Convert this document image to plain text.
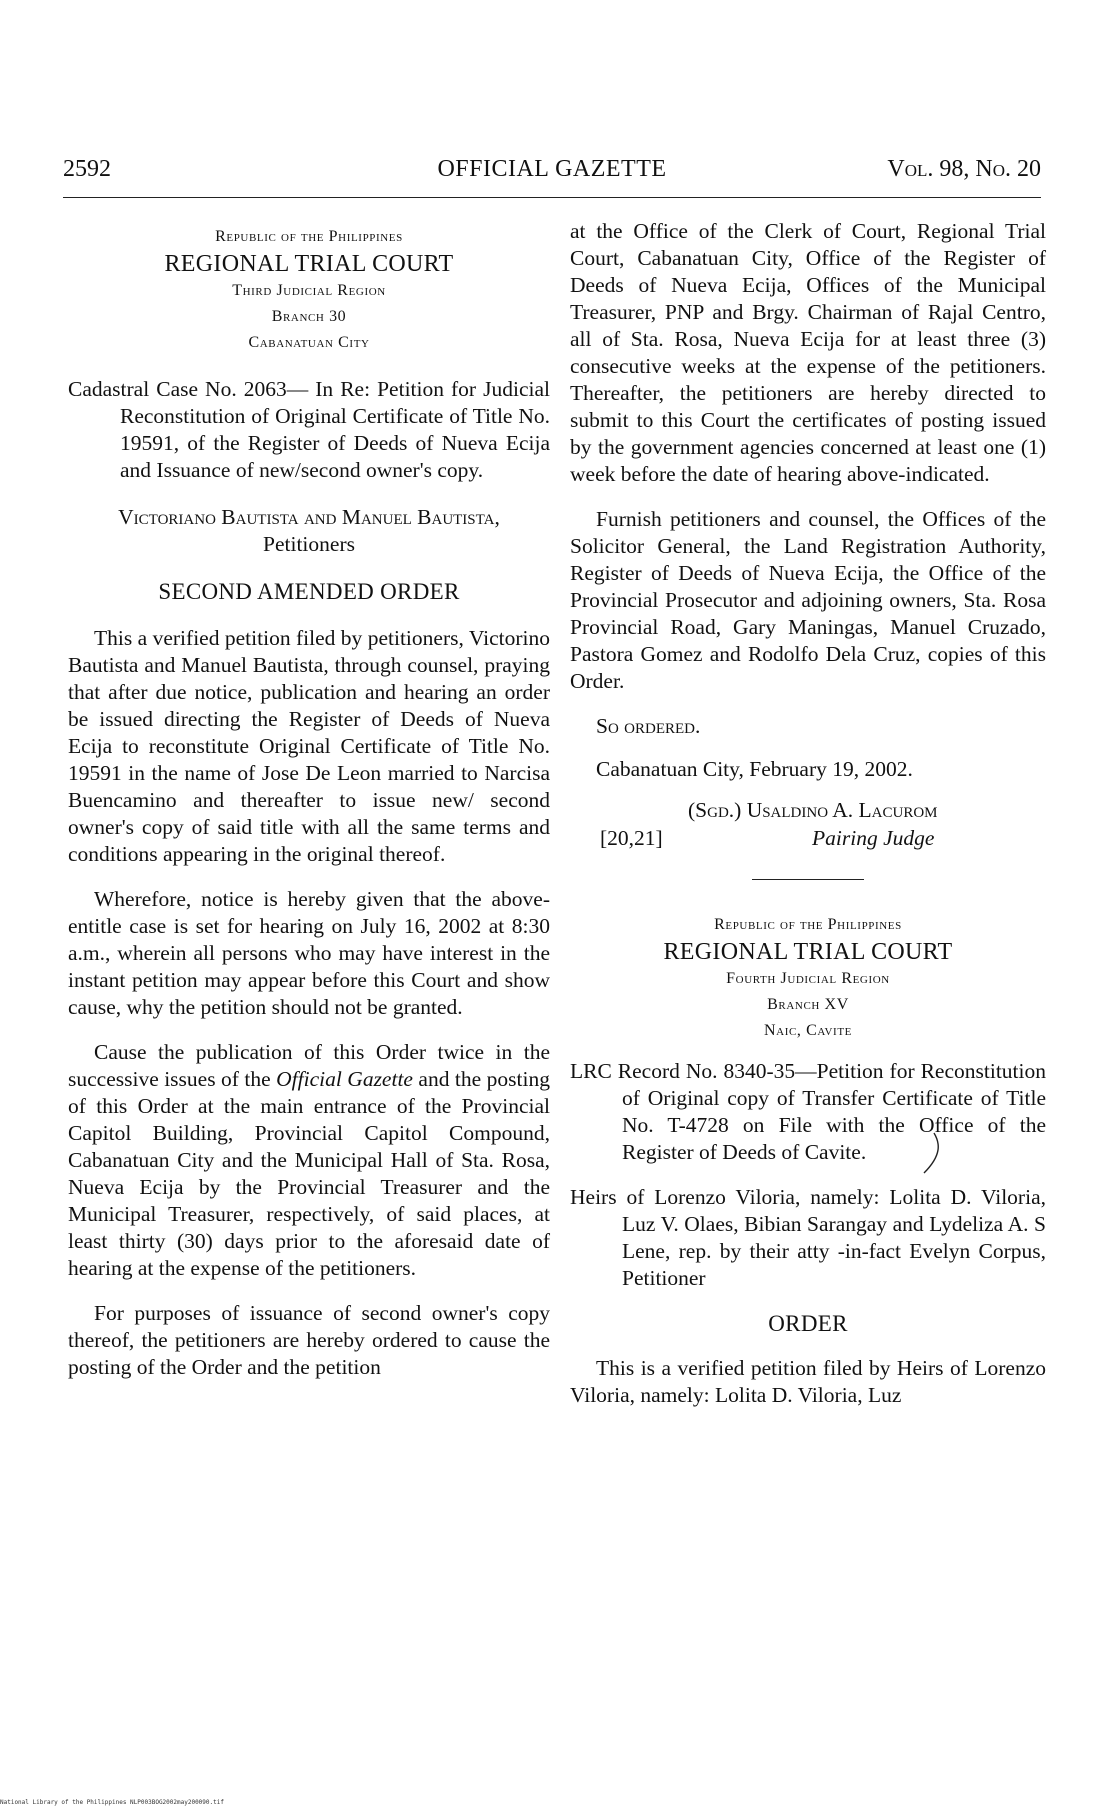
2592	OFFICIAL GAZETTE	Vol. 98, No. 20
Republic of the Philippines
REGIONAL TRIAL COURT
Third Judicial Region
Branch 30
Cabanatuan City

Cadastral Case No. 2063— In Re: Petition for Judicial Reconstitution of Original Certificate of Title No. 19591, of the Register of Deeds of Nueva Ecija and Issuance of new/second owner's copy.

Victoriano Bautista and Manuel Bautista,

Petitioners

SECOND AMENDED ORDER

This a verified petition filed by petitioners, Victorino Bautista and Manuel Bautista, through counsel, praying that after due notice, publication and hearing an order be issued directing the Register of Deeds of Nueva Ecija to reconstitute Original Certificate of Title No. 19591 in the name of Jose De Leon married to Narcisa Buencamino and thereafter to issue new/ second owner's copy of said title with all the same terms and conditions appearing in the original thereof.

Wherefore, notice is hereby given that the above-entitle case is set for hearing on July 16, 2002 at 8:30 a.m., wherein all persons who may have interest in the instant petition may appear before this Court and show cause, why the petition should not be granted.

Cause the publication of this Order twice in the successive issues of the Official Gazette and the posting of this Order at the main entrance of the Provincial Capitol Building, Provincial Capitol Compound, Cabanatuan City and the Municipal Hall of Sta. Rosa, Nueva Ecija by the Provincial Treasurer and the Municipal Treasurer, respectively, of said places, at least thirty (30) days prior to the aforesaid date of hearing at the expense of the petitioners.

For purposes of issuance of second owner's copy thereof, the petitioners are hereby ordered to cause the posting of the Order and the petition

at the Office of the Clerk of Court, Regional Trial Court, Cabanatuan City, Office of the Register of Deeds of Nueva Ecija, Offices of the Municipal Treasurer, PNP and Brgy. Chairman of Rajal Centro, all of Sta. Rosa, Nueva Ecija for at least three (3) consecutive weeks at the expense of the petitioners. Thereafter, the petitioners are hereby directed to submit to this Court the certificates of posting issued by the government agencies concerned at least one (1) week before the date of hearing above-indicated.

Furnish petitioners and counsel, the Offices of the Solicitor General, the Land Registration Authority, Register of Deeds of Nueva Ecija, the Office of the Provincial Prosecutor and adjoining owners, Sta. Rosa Provincial Road, Gary Maningas, Manuel Cruzado, Pastora Gomez and Rodolfo Dela Cruz, copies of this Order.

So ordered.

Cabanatuan City, February 19, 2002.

(Sgd.) Usaldino A. Lacurom
[20,21]	Pairing Judge
Republic of the Philippines
REGIONAL TRIAL COURT
Fourth Judicial Region
Branch XV
Naic, Cavite

LRC Record No. 8340-35—Petition for Reconstitution of Original copy of Transfer Certificate of Title No. T-4728 on File with the Office of the Register of Deeds of Cavite.

Heirs of Lorenzo Viloria, namely: Lolita D. Viloria, Luz V. Olaes, Bibian Sarangay and Lydeliza A. S Lene, rep. by their atty -in-fact Evelyn Corpus, Petitioner

ORDER

This is a verified petition filed by Heirs of Lorenzo Viloria, namely: Lolita D. Viloria, Luz

National Library of the Philippines NLP003BOG2002may200090.tif
